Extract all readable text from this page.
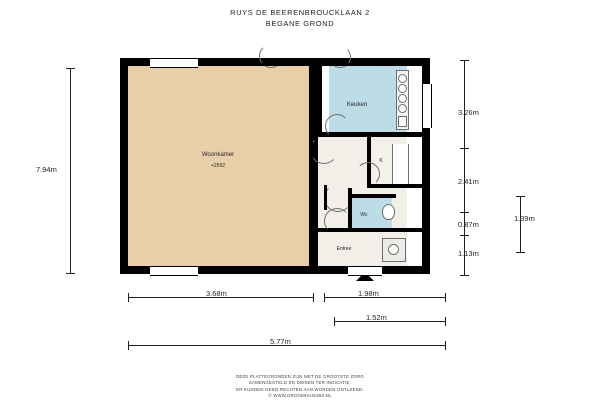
RUYS DE BEERENBROUCKLAAN 2
BEGANE GROND
Woonkamer
+2592
Keuken
K
Wc
Entree
7.94m
3.26m
2.41m
0.87m
1.13m
1.39m
3.68m	1.98m
1.52m
5.77m
DEZE PLATTEGRONDEN ZIJN MET DE GROOTSTE ZORG
SAMENGESTELD EN DIENEN TER INDICATIE.
ER KUNNEN GEEN RECHTEN AAN WORDEN ONTLEEND.
© WWW.DROOMHUIS360.NL
